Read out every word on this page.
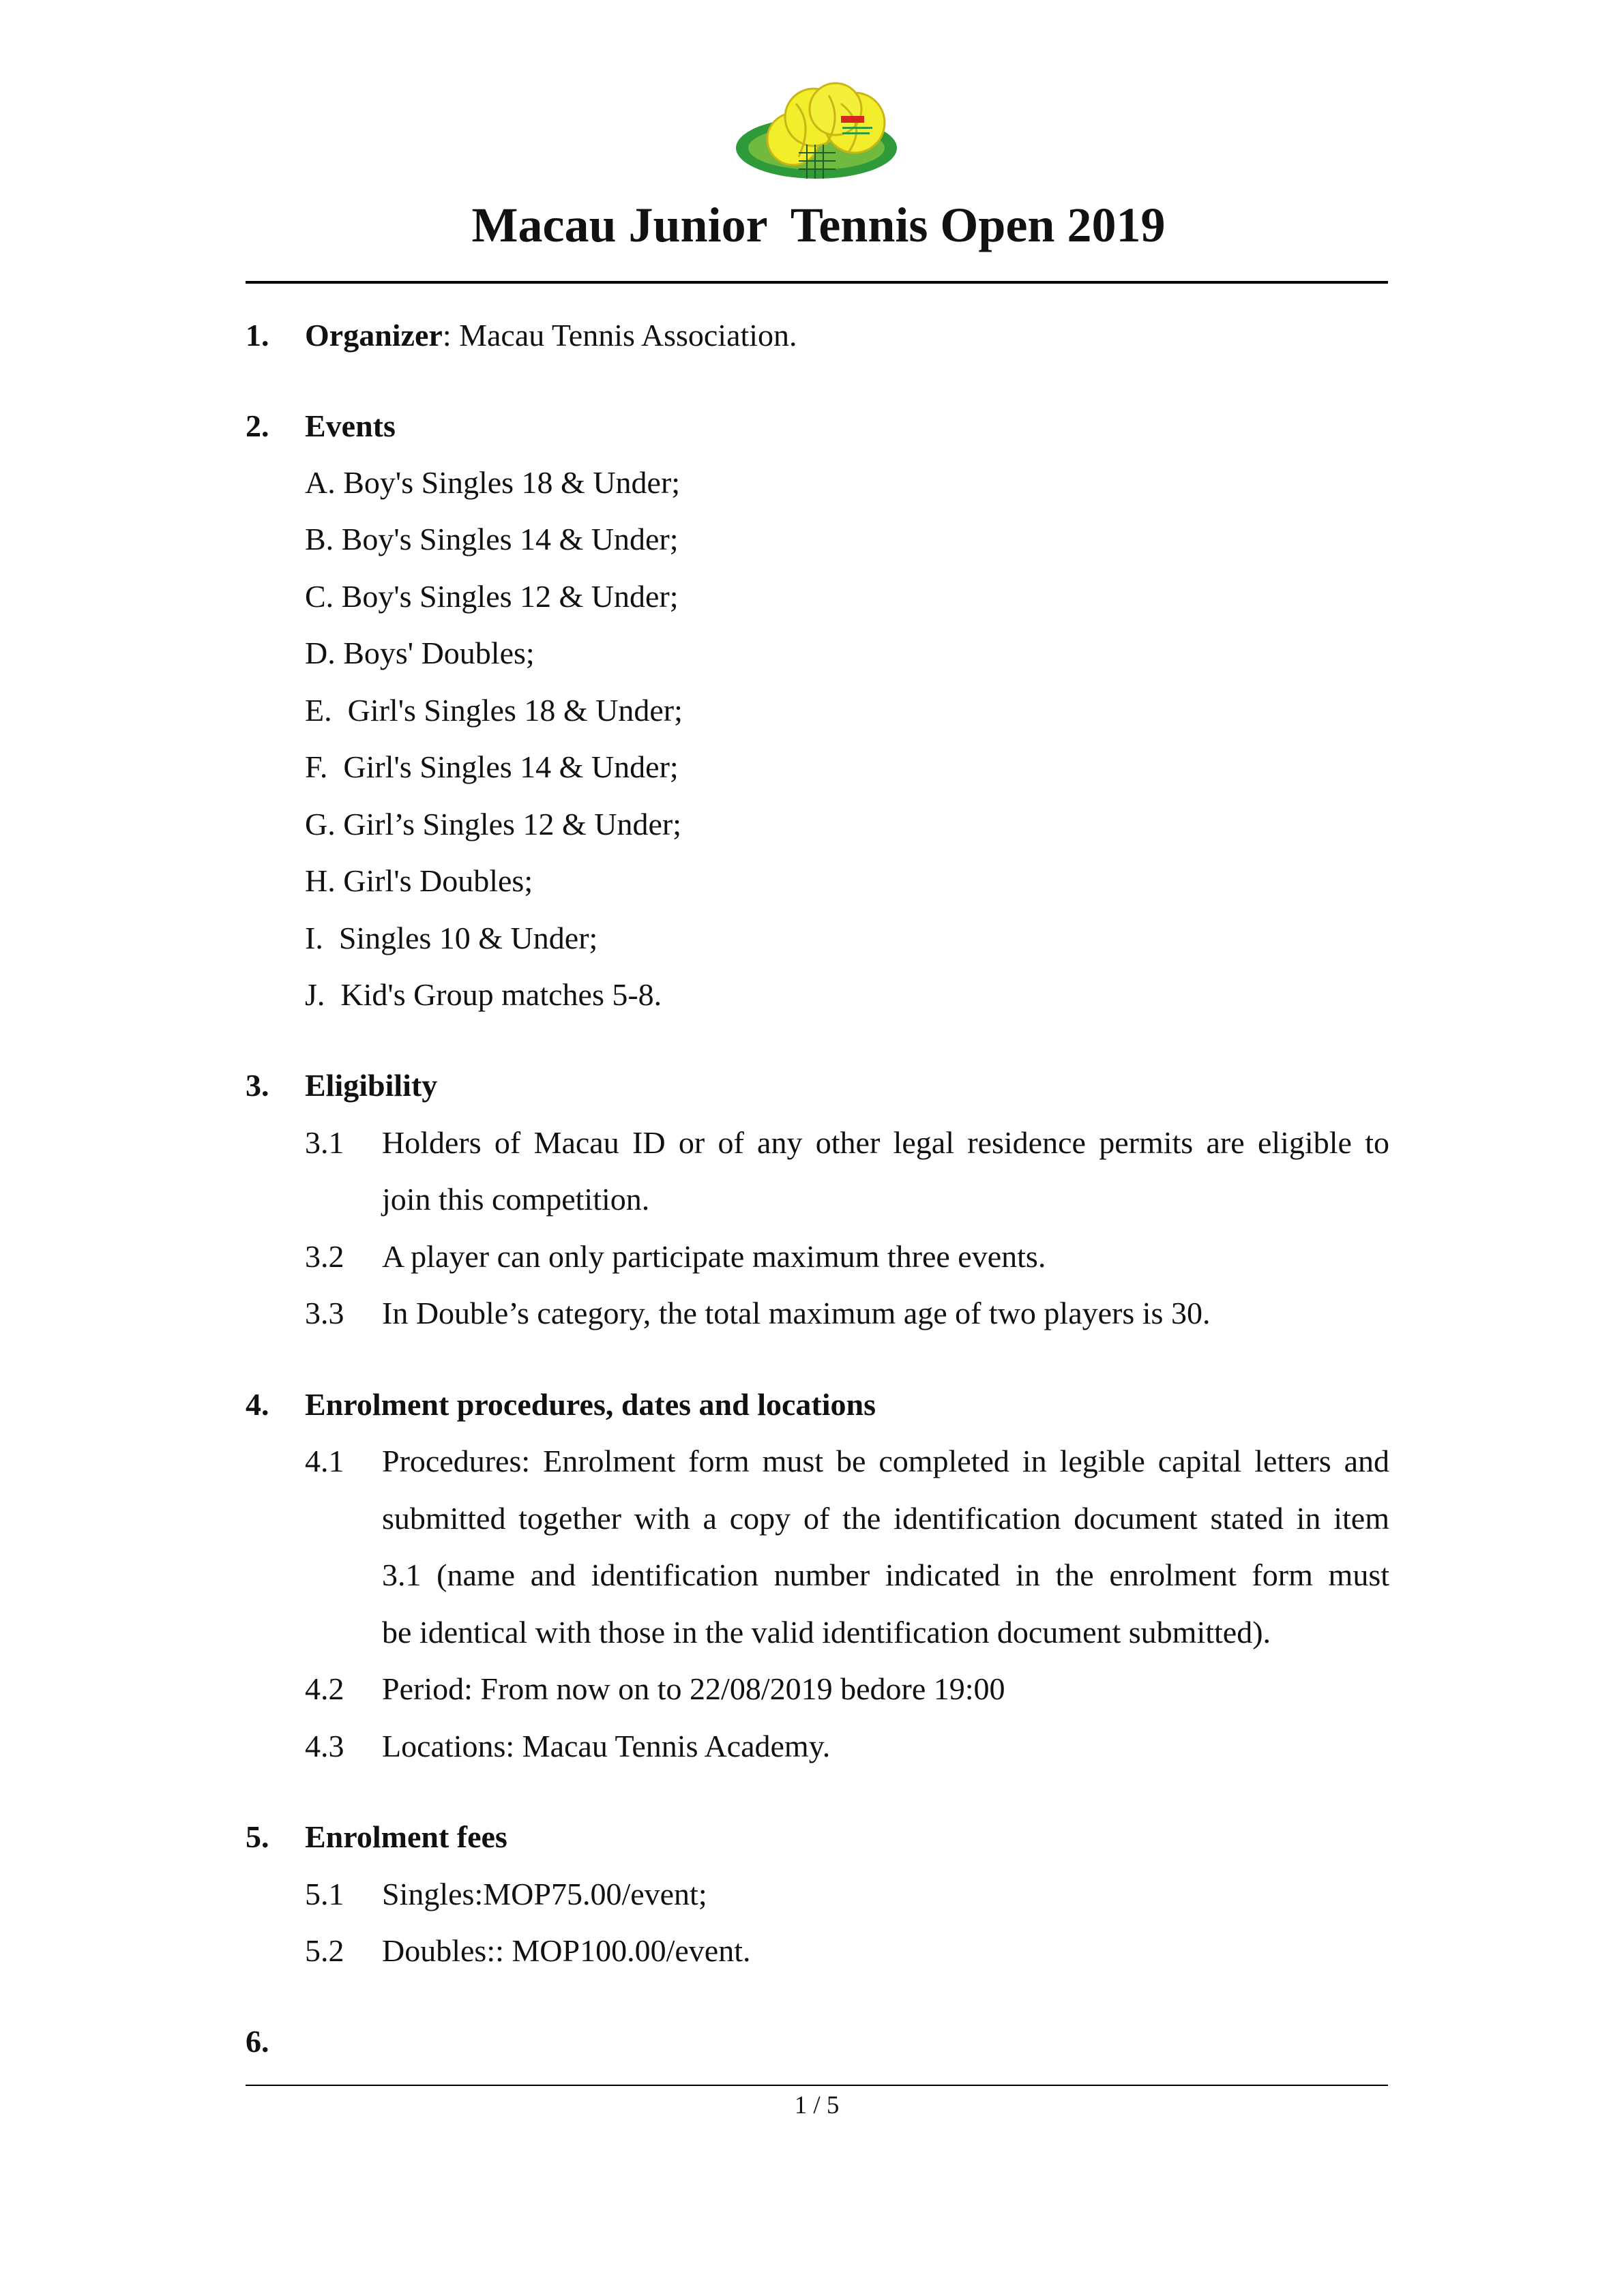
Macau Junior  Tennis Open 2019
1. Organizer: Macau Tennis Association.
2. Events
A. Boy's Singles 18 & Under;
B. Boy's Singles 14 & Under;
C. Boy's Singles 12 & Under;
D. Boys' Doubles;
E.  Girl's Singles 18 & Under;
F.  Girl's Singles 14 & Under;
G. Girl’s Singles 12 & Under;
H. Girl's Doubles;
I.  Singles 10 & Under;
J.  Kid's Group matches 5-8.
3. Eligibility
3.1 Holders of Macau ID or of any other legal residence permits are eligible to
join this competition.
3.2 A player can only participate maximum three events.
3.3 In Double’s category, the total maximum age of two players is 30.
4. Enrolment procedures, dates and locations
4.1 Procedures: Enrolment form must be completed in legible capital letters and
submitted together with a copy of the identification document stated in item
3.1 (name and identification number indicated in the enrolment form must
be identical with those in the valid identification document submitted).
4.2 Period: From now on to 22/08/2019 bedore 19:00
4.3 Locations: Macau Tennis Academy.
5. Enrolment fees
5.1 Singles:MOP75.00/event;
5.2 Doubles:: MOP100.00/event.
6.
1 / 5
